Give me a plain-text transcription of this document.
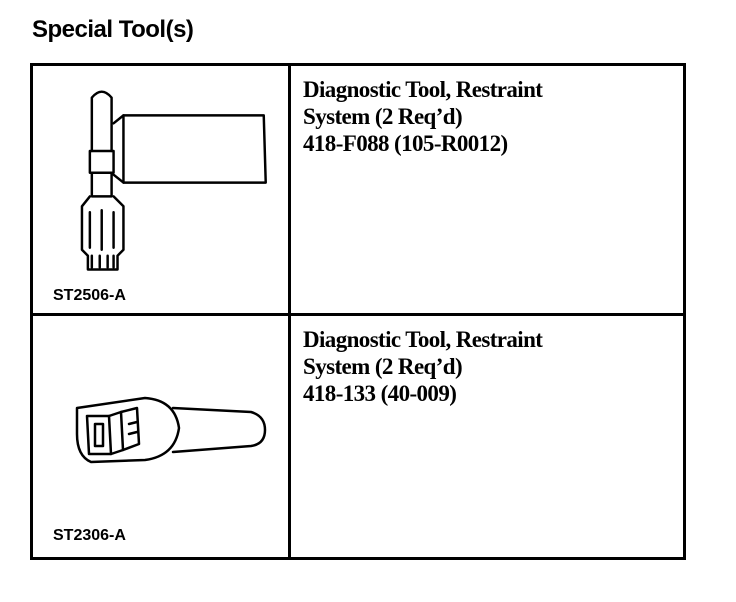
Special Tool(s)
ST2506-A
Diagnostic Tool, Restraint
System (2 Req’d)
418-F088 (105-R0012)
ST2306-A
Diagnostic Tool, Restraint
System (2 Req’d)
418-133 (40-009)
